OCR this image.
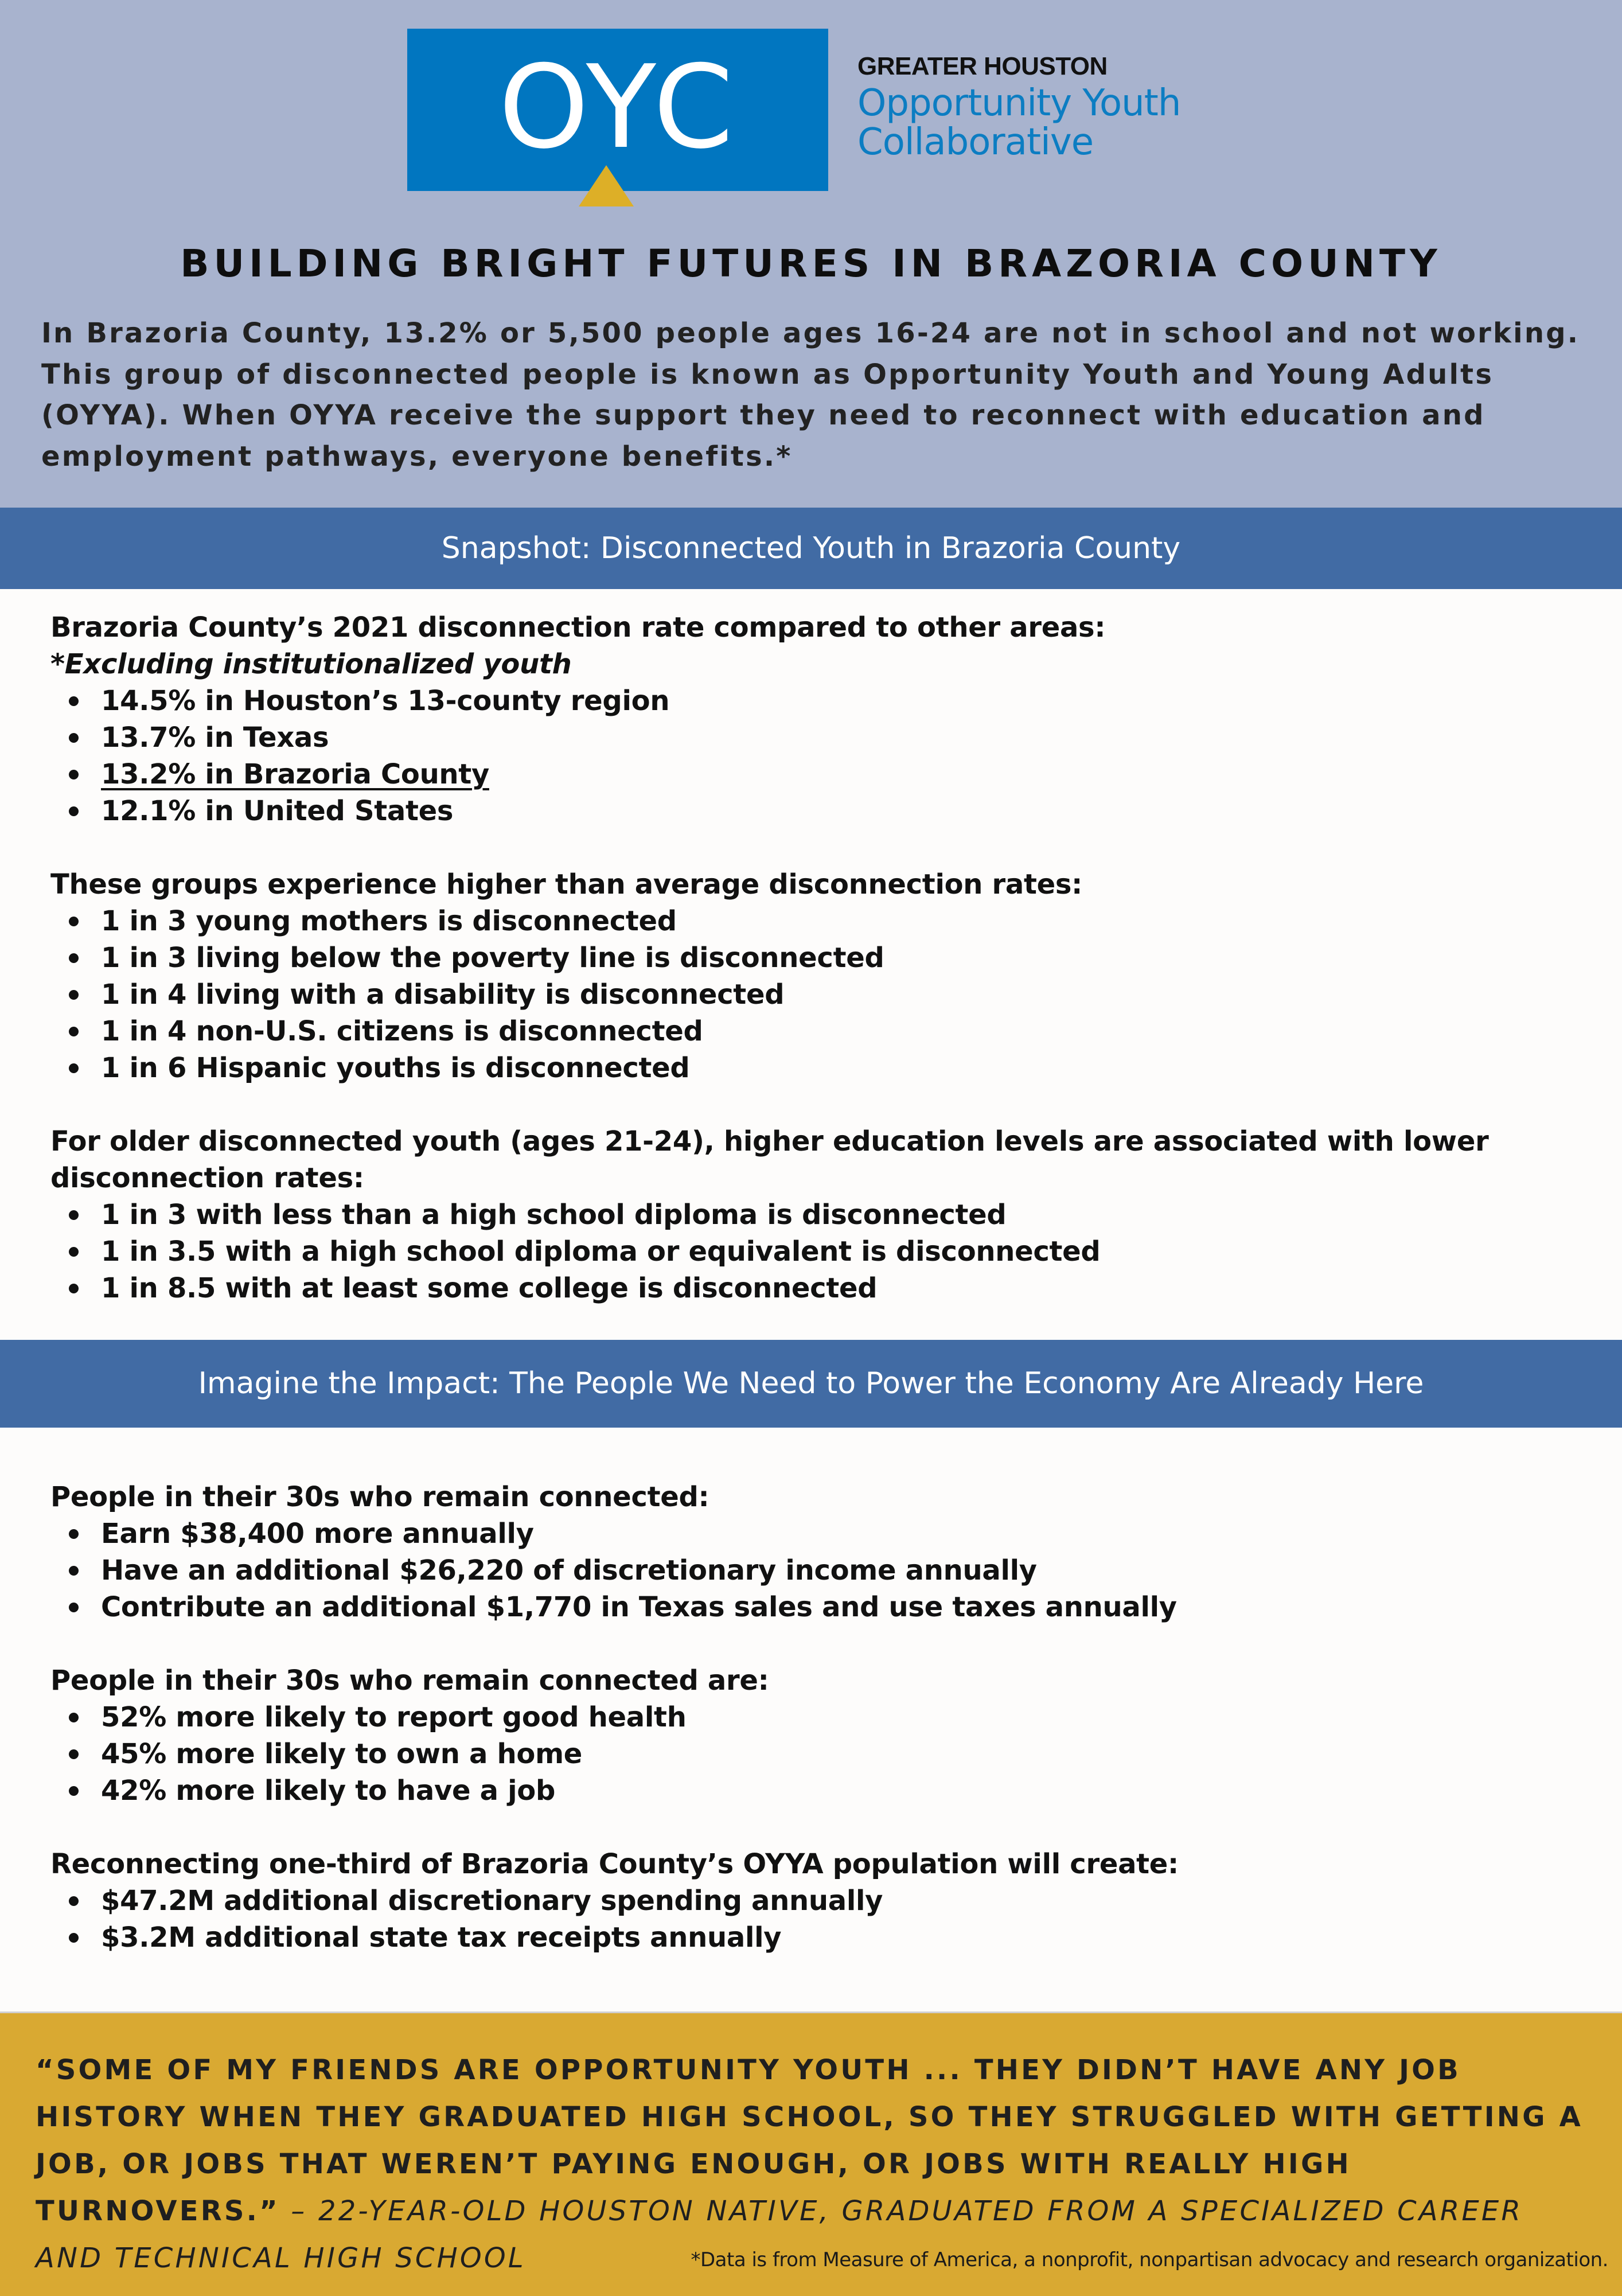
OYC	GREATER HOUSTON
Opportunity Youth
Collaborative
BUILDING BRIGHT FUTURES IN BRAZORIA COUNTY

In Brazoria County, 13.2% or 5,500 people ages 16-24 are not in school and not working. This group of disconnected people is known as Opportunity Youth and Young Adults (OYYA). When OYYA receive the support they need to reconnect with education and employment pathways, everyone benefits.*

Snapshot: Disconnected Youth in Brazoria County

Brazoria County’s 2021 disconnection rate compared to other areas:

*Excluding institutionalized youth

14.5% in Houston’s 13-county region
13.7% in Texas
13.2% in Brazoria County
12.1% in United States

These groups experience higher than average disconnection rates:

1 in 3 young mothers is disconnected
1 in 3 living below the poverty line is disconnected
1 in 4 living with a disability is disconnected
1 in 4 non-U.S. citizens is disconnected
1 in 6 Hispanic youths is disconnected

For older disconnected youth (ages 21-24), higher education levels are associated with lower disconnection rates:

1 in 3 with less than a high school diploma is disconnected
1 in 3.5 with a high school diploma or equivalent is disconnected
1 in 8.5 with at least some college is disconnected
Imagine the Impact: The People We Need to Power the Economy Are Already Here

People in their 30s who remain connected:

Earn $38,400 more annually
Have an additional $26,220 of discretionary income annually
Contribute an additional $1,770 in Texas sales and use taxes annually

People in their 30s who remain connected are:

52% more likely to report good health
45% more likely to own a home
42% more likely to have a job

Reconnecting one-third of Brazoria County’s OYYA population will create:

$47.2M additional discretionary spending annually
$3.2M additional state tax receipts annually

“SOME OF MY FRIENDS ARE OPPORTUNITY YOUTH ... THEY DIDN’T HAVE ANY JOB HISTORY WHEN THEY GRADUATED HIGH SCHOOL, SO THEY STRUGGLED WITH GETTING A JOB, OR JOBS THAT WEREN’T PAYING ENOUGH, OR JOBS WITH REALLY HIGH TURNOVERS.” – 22-YEAR-OLD HOUSTON NATIVE, GRADUATED FROM A SPECIALIZED CAREER AND TECHNICAL HIGH SCHOOL	*Data is from Measure of America, a nonprofit, nonpartisan advocacy and research organization.
